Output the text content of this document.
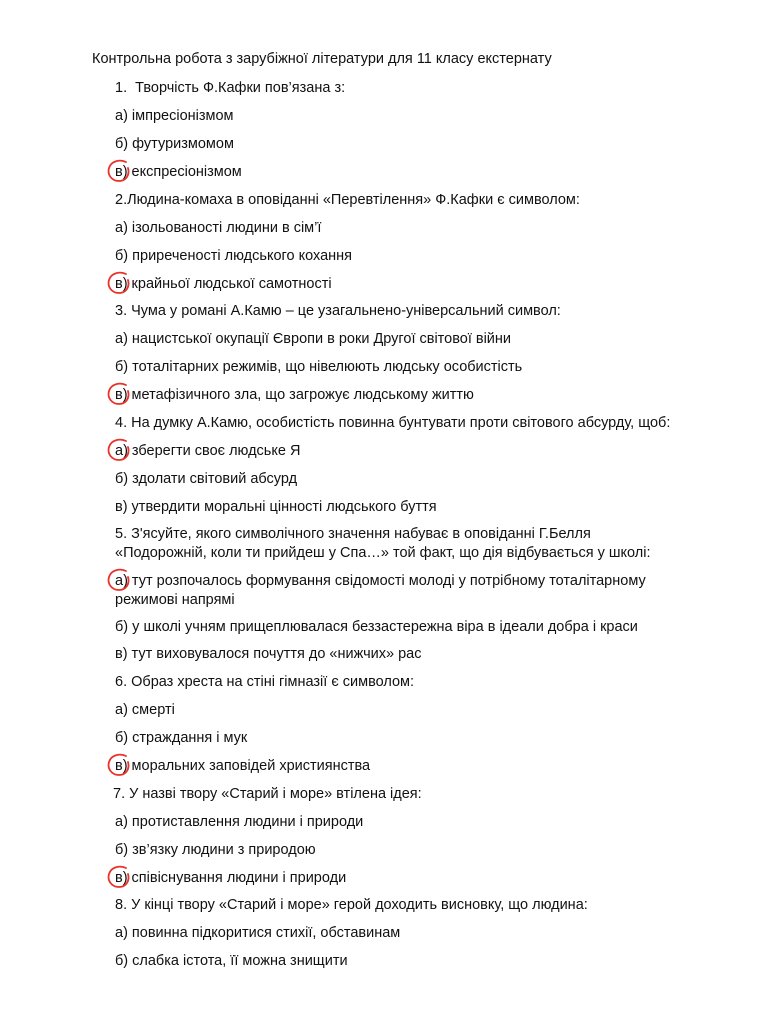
Контрольна робота з зарубіжної літератури для 11 класу екстернату
1.  Творчість Ф.Кафки пов’язана з:
а) імпресіонізмом
б) футуризмомом
в) експресіонізмом
2.Людина-комаха в оповіданні «Перевтілення» Ф.Кафки є символом:
а) ізольованості людини в сім’ї
б) приреченості людського кохання
в) крайньої людської самотності
3. Чума у романі А.Камю – це узагальнено-універсальний символ:
а) нацистської окупації Європи в роки Другої світової війни
б) тоталітарних режимів, що нівелюють людську особистість
в) метафізичного зла, що загрожує людському життю
4. На думку А.Камю, особистість повинна бунтувати проти світового абсурду, щоб:
а) зберегти своє людське Я
б) здолати світовий абсурд
в) утвердити моральні цінності людського буття
5. З'ясуйте, якого символічного значення набуває в оповіданні Г.Белля
«Подорожній, коли ти прийдеш у Спа…» той факт, що дія відбувається у школі:
а) тут розпочалось формування свідомості молоді у потрібному тоталітарному
режимові напрямі
б) у школі учням прищеплювалася беззастережна віра в ідеали добра і краси
в) тут виховувалося почуття до «нижчих» рас
6. Образ хреста на стіні гімназії є символом:
а) смерті
б) страждання і мук
в) моральних заповідей християнства
7. У назві твору «Старий і море» втілена ідея:
а) протиставлення людини і природи
б) зв’язку людини з природою
в) співіснування людини і природи
8. У кінці твору «Старий і море» герой доходить висновку, що людина:
а) повинна підкоритися стихії, обставинам
б) слабка істота, її можна знищити
